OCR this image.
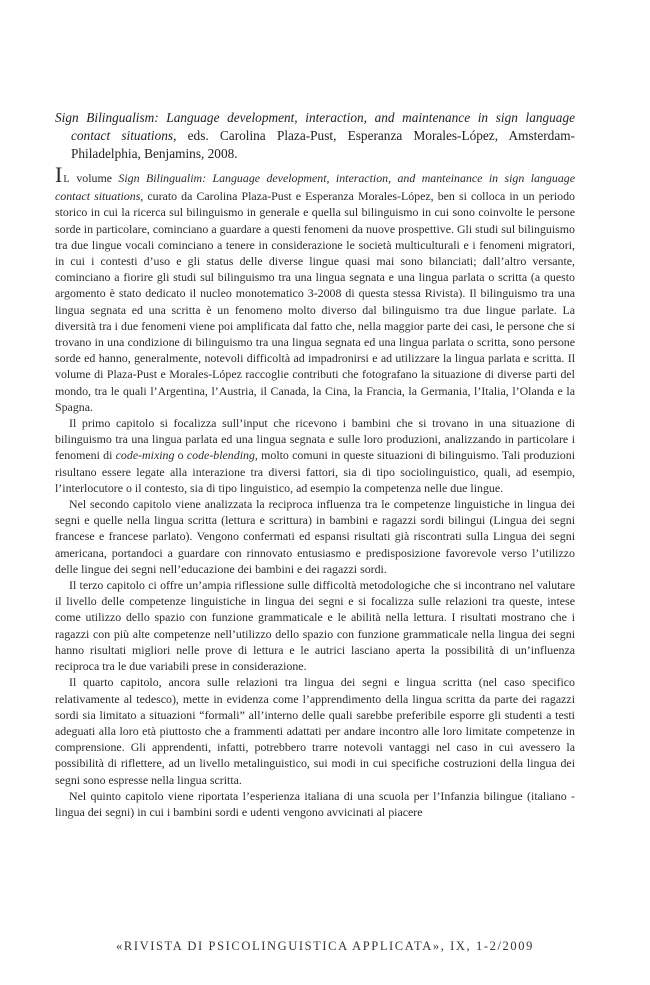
Sign Bilingualism: Language development, interaction, and maintenance in sign language contact situations, eds. Carolina Plaza-Pust, Esperanza Morales-López, Amsterdam-Philadelphia, Benjamins, 2008.

IL volume Sign Bilingualim: Language development, interaction, and manteinance in sign language contact situations, curato da Carolina Plaza-Pust e Esperanza Morales-López, ben si colloca in un periodo storico in cui la ricerca sul bilinguismo in generale e quella sul bilinguismo in cui sono coinvolte le persone sorde in particolare, cominciano a guardare a questi fenomeni da nuove prospettive. Gli studi sul bilinguismo tra due lingue vocali cominciano a tenere in considerazione le società multiculturali e i fenomeni migratori, in cui i contesti d’uso e gli status delle diverse lingue quasi mai sono bilanciati; dall’altro versante, cominciano a fiorire gli studi sul bilinguismo tra una lingua segnata e una lingua parlata o scritta (a questo argomento è stato dedicato il nucleo monotematico 3-2008 di questa stessa Rivista). Il bilinguismo tra una lingua segnata ed una scritta è un fenomeno molto diverso dal bilinguismo tra due lingue parlate. La diversità tra i due fenomeni viene poi amplificata dal fatto che, nella maggior parte dei casi, le persone che si trovano in una condizione di bilinguismo tra una lingua segnata ed una lingua parlata o scritta, sono persone sorde ed hanno, generalmente, notevoli difficoltà ad impadronirsi e ad utilizzare la lingua parlata e scritta. Il volume di Plaza-Pust e Morales-López raccoglie contributi che fotografano la situazione di diverse parti del mondo, tra le quali l’Argentina, l’Austria, il Canada, la Cina, la Francia, la Germania, l’Italia, l’Olanda e la Spagna.

Il primo capitolo si focalizza sull’input che ricevono i bambini che si trovano in una situazione di bilinguismo tra una lingua parlata ed una lingua segnata e sulle loro produzioni, analizzando in particolare i fenomeni di code-mixing o code-blending, molto comuni in queste situazioni di bilinguismo. Tali produzioni risultano essere legate alla interazione tra diversi fattori, sia di tipo sociolinguistico, quali, ad esempio, l’interlocutore o il contesto, sia di tipo linguistico, ad esempio la competenza nelle due lingue.

Nel secondo capitolo viene analizzata la reciproca influenza tra le competenze linguistiche in lingua dei segni e quelle nella lingua scritta (lettura e scrittura) in bambini e ragazzi sordi bilingui (Lingua dei segni francese e francese parlato). Vengono confermati ed espansi risultati già riscontrati sulla Lingua dei segni americana, portandoci a guardare con rinnovato entusiasmo e predisposizione favorevole verso l’utilizzo delle lingue dei segni nell’educazione dei bambini e dei ragazzi sordi.

Il terzo capitolo ci offre un’ampia riflessione sulle difficoltà metodologiche che si incontrano nel valutare il livello delle competenze linguistiche in lingua dei segni e si focalizza sulle relazioni tra queste, intese come utilizzo dello spazio con funzione grammaticale e le abilità nella lettura. I risultati mostrano che i ragazzi con più alte competenze nell’utilizzo dello spazio con funzione grammaticale nella lingua dei segni hanno risultati migliori nelle prove di lettura e le autrici lasciano aperta la possibilità di un’influenza reciproca tra le due variabili prese in considerazione.

Il quarto capitolo, ancora sulle relazioni tra lingua dei segni e lingua scritta (nel caso specifico relativamente al tedesco), mette in evidenza come l’apprendimento della lingua scritta da parte dei ragazzi sordi sia limitato a situazioni “formali” all’interno delle quali sarebbe preferibile esporre gli studenti a testi adeguati alla loro età piuttosto che a frammenti adattati per andare incontro alle loro limitate competenze in comprensione. Gli apprendenti, infatti, potrebbero trarre notevoli vantaggi nel caso in cui avessero la possibilità di riflettere, ad un livello metalinguistico, sui modi in cui specifiche costruzioni della lingua dei segni sono espresse nella lingua scritta.

Nel quinto capitolo viene riportata l’esperienza italiana di una scuola per l’Infanzia bilingue (italiano - lingua dei segni) in cui i bambini sordi e udenti vengono avvicinati al piacere

«RIVISTA DI PSICOLINGUISTICA APPLICATA», IX, 1-2/2009
